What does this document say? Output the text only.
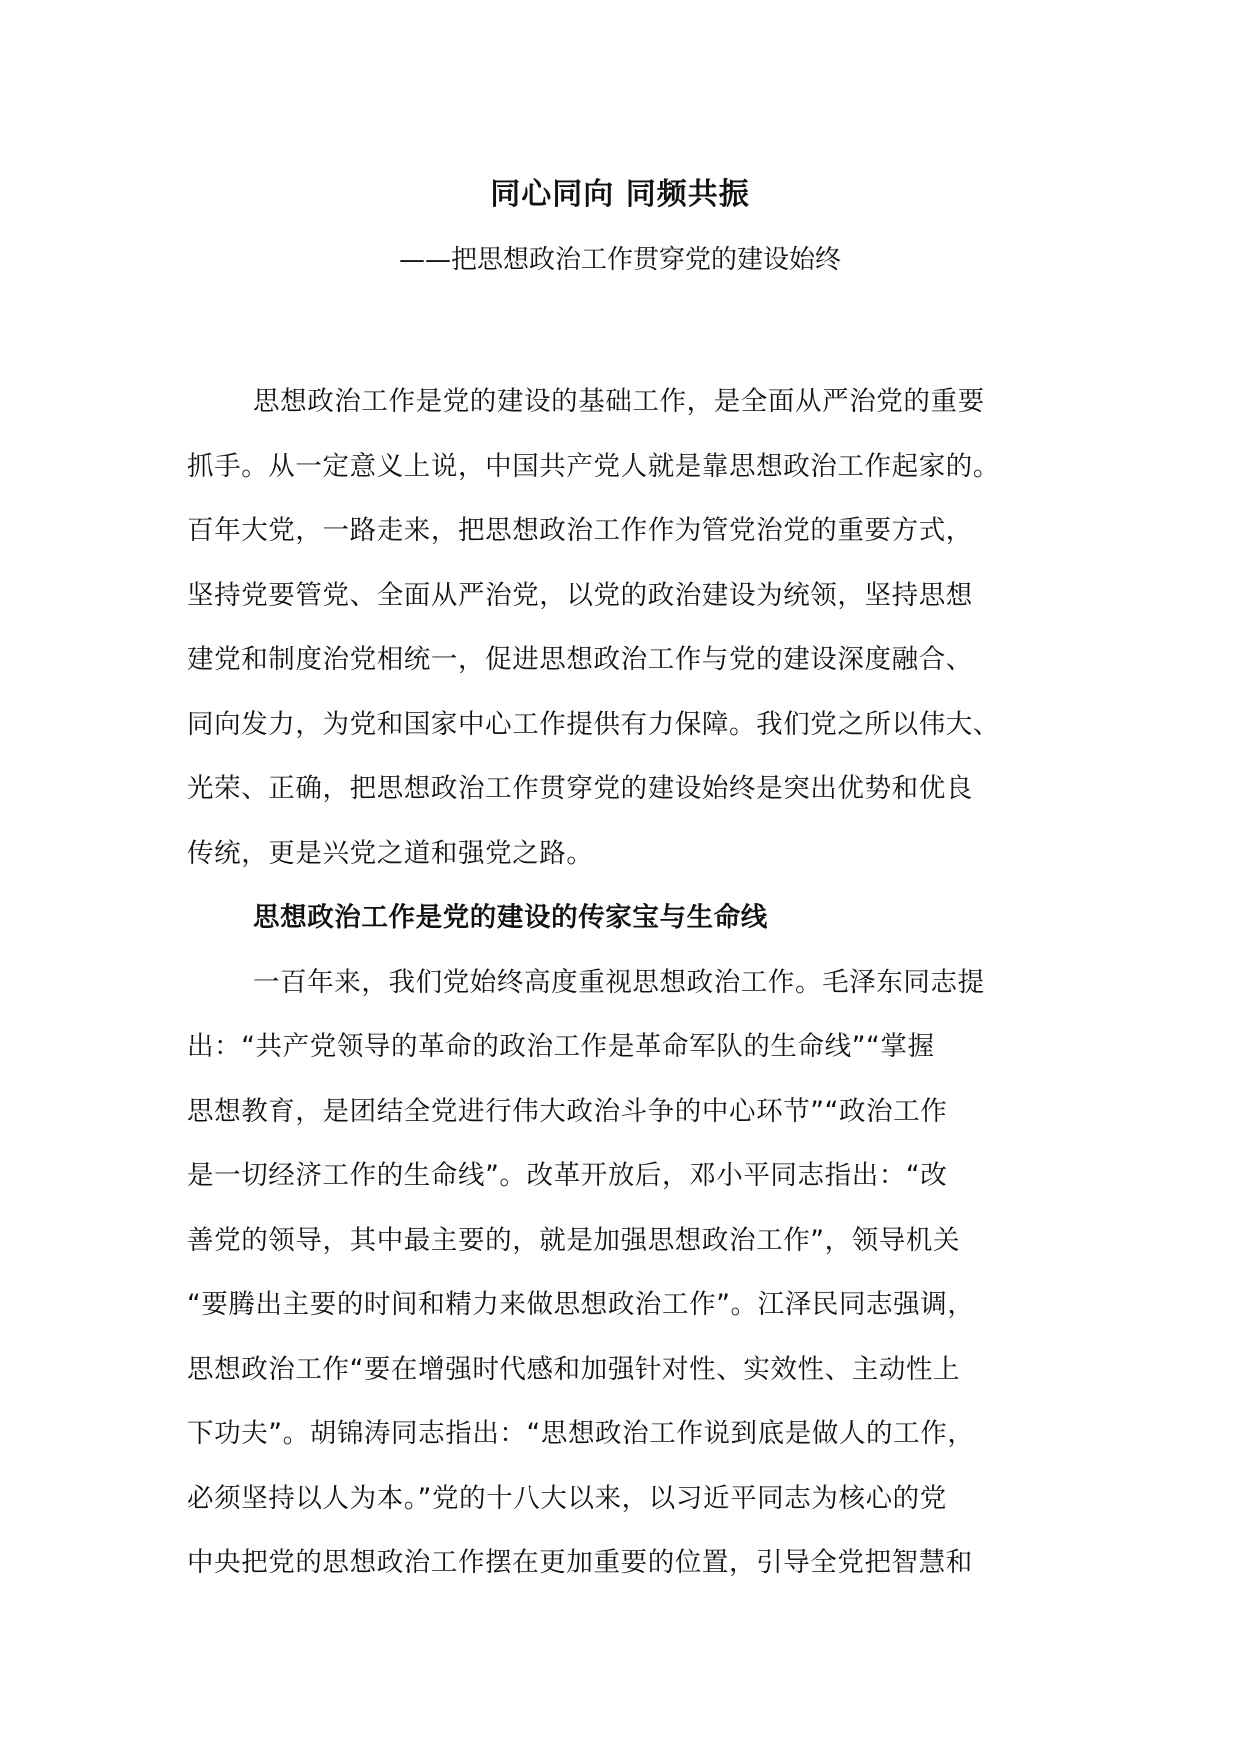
同心同向 同频共振
——把思想政治工作贯穿党的建设始终
思想政治工作是党的建设的基础工作，是全面从严治党的重要
抓手。从一定意义上说，中国共产党人就是靠思想政治工作起家的。
百年大党，一路走来，把思想政治工作作为管党治党的重要方式，
坚持党要管党、全面从严治党，以党的政治建设为统领，坚持思想
建党和制度治党相统一，促进思想政治工作与党的建设深度融合、
同向发力，为党和国家中心工作提供有力保障。我们党之所以伟大、
光荣、正确，把思想政治工作贯穿党的建设始终是突出优势和优良
传统，更是兴党之道和强党之路。
思想政治工作是党的建设的传家宝与生命线
一百年来，我们党始终高度重视思想政治工作。毛泽东同志提
出：“共产党领导的革命的政治工作是革命军队的生命线”“掌握
思想教育，是团结全党进行伟大政治斗争的中心环节”“政治工作
是一切经济工作的生命线”。改革开放后，邓小平同志指出：“改
善党的领导，其中最主要的，就是加强思想政治工作”，领导机关
“要腾出主要的时间和精力来做思想政治工作”。江泽民同志强调，
思想政治工作“要在增强时代感和加强针对性、实效性、主动性上
下功夫”。胡锦涛同志指出：“思想政治工作说到底是做人的工作，
必须坚持以人为本。”党的十八大以来，以习近平同志为核心的党
中央把党的思想政治工作摆在更加重要的位置，引导全党把智慧和
